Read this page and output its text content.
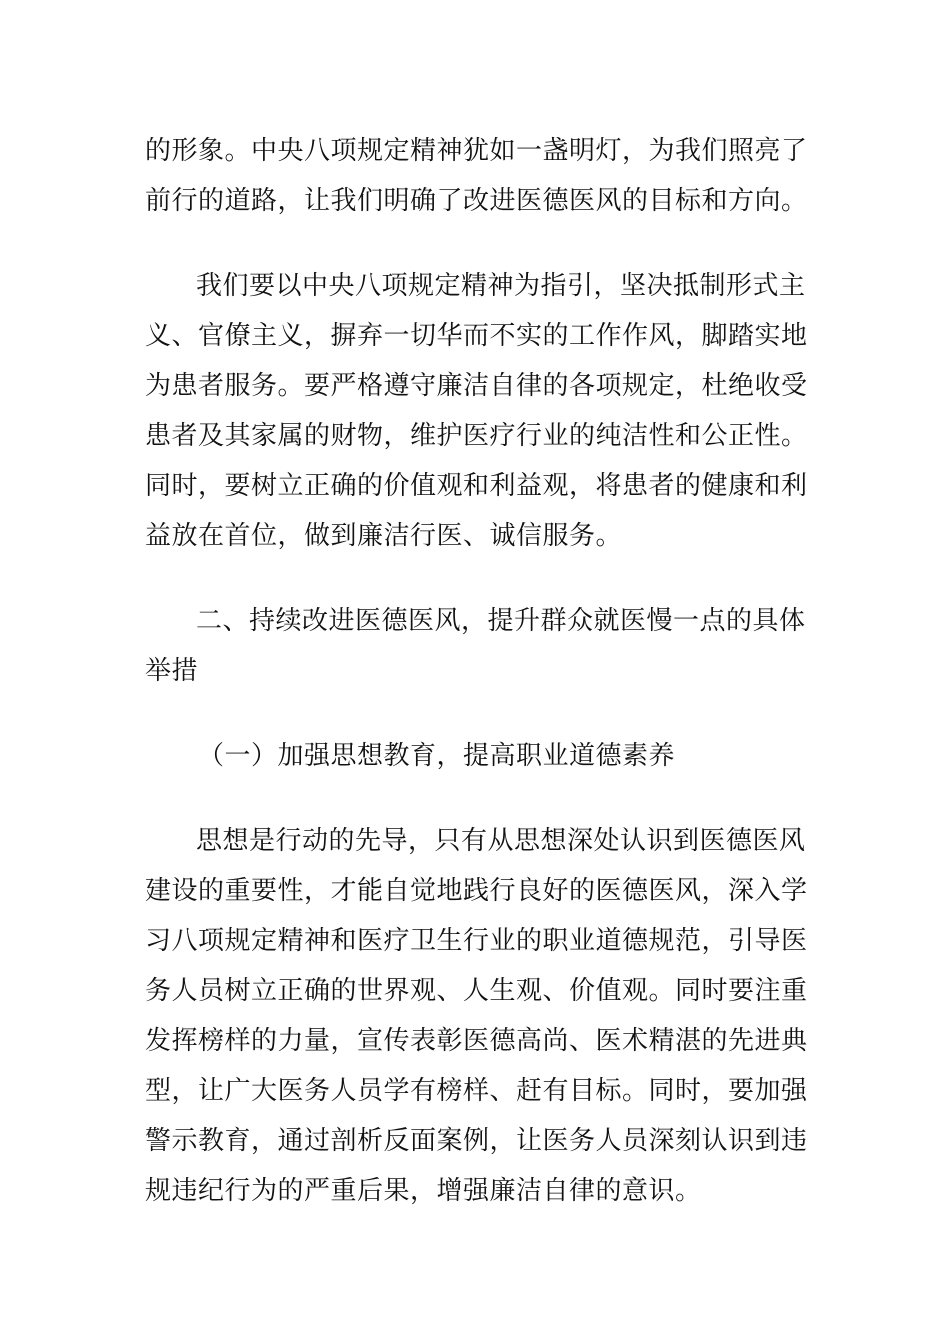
的形象。中央八项规定精神犹如一盏明灯，为我们照亮了
前行的道路，让我们明确了改进医德医风的目标和方向。
我们要以中央八项规定精神为指引，坚决抵制形式主
义、官僚主义，摒弃一切华而不实的工作作风，脚踏实地
为患者服务。要严格遵守廉洁自律的各项规定，杜绝收受
患者及其家属的财物，维护医疗行业的纯洁性和公正性。
同时，要树立正确的价值观和利益观，将患者的健康和利
益放在首位，做到廉洁行医、诚信服务。
二、持续改进医德医风，提升群众就医慢一点的具体
举措
（一）加强思想教育，提高职业道德素养
思想是行动的先导，只有从思想深处认识到医德医风
建设的重要性，才能自觉地践行良好的医德医风，深入学
习八项规定精神和医疗卫生行业的职业道德规范，引导医
务人员树立正确的世界观、人生观、价值观。同时要注重
发挥榜样的力量，宣传表彰医德高尚、医术精湛的先进典
型，让广大医务人员学有榜样、赶有目标。同时，要加强
警示教育，通过剖析反面案例，让医务人员深刻认识到违
规违纪行为的严重后果，增强廉洁自律的意识。
